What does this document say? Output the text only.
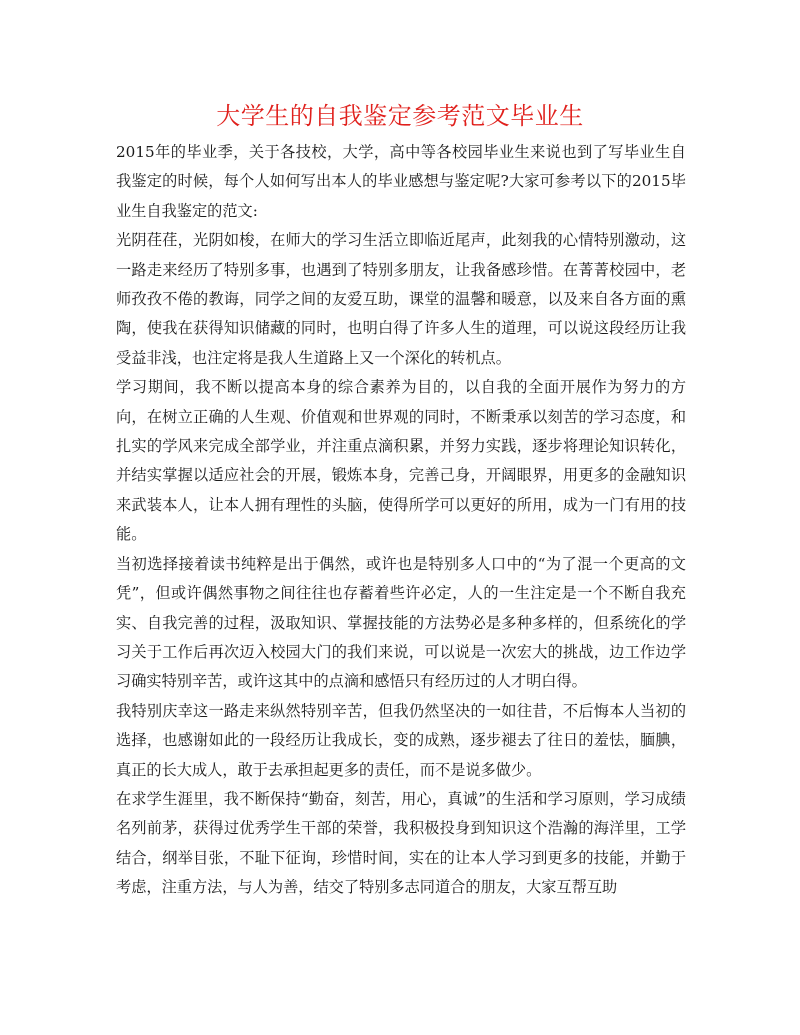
大学生的自我鉴定参考范文毕业生

2015年的毕业季，关于各技校，大学，高中等各校园毕业生来说也到了写毕业生自我鉴定的时候，每个人如何写出本人的毕业感想与鉴定呢?大家可参考以下的2015毕业生自我鉴定的范文:

光阴荏荏，光阴如梭，在师大的学习生活立即临近尾声，此刻我的心情特别激动，这一路走来经历了特别多事，也遇到了特别多朋友，让我备感珍惜。在菁菁校园中，老师孜孜不倦的教诲，同学之间的友爱互助，课堂的温馨和暖意，以及来自各方面的熏陶，使我在获得知识储藏的同时，也明白得了许多人生的道理，可以说这段经历让我受益非浅，也注定将是我人生道路上又一个深化的转机点。

学习期间，我不断以提高本身的综合素养为目的，以自我的全面开展作为努力的方向，在树立正确的人生观、价值观和世界观的同时，不断秉承以刻苦的学习态度，和扎实的学风来完成全部学业，并注重点滴积累，并努力实践，逐步将理论知识转化，并结实掌握以适应社会的开展，锻炼本身，完善己身，开阔眼界，用更多的金融知识来武装本人，让本人拥有理性的头脑，使得所学可以更好的所用，成为一门有用的技能。

当初选择接着读书纯粹是出于偶然，或许也是特别多人口中的“为了混一个更高的文凭”，但或许偶然事物之间往往也存蓄着些许必定，人的一生注定是一个不断自我充实、自我完善的过程，汲取知识、掌握技能的方法势必是多种多样的，但系统化的学习关于工作后再次迈入校园大门的我们来说，可以说是一次宏大的挑战，边工作边学习确实特别辛苦，或许这其中的点滴和感悟只有经历过的人才明白得。

我特别庆幸这一路走来纵然特别辛苦，但我仍然坚决的一如往昔，不后悔本人当初的选择，也感谢如此的一段经历让我成长，变的成熟，逐步褪去了往日的羞怯，腼腆，真正的长大成人，敢于去承担起更多的责任，而不是说多做少。

在求学生涯里，我不断保持“勤奋，刻苦，用心，真诚”的生活和学习原则，学习成绩名列前茅，获得过优秀学生干部的荣誉，我积极投身到知识这个浩瀚的海洋里，工学结合，纲举目张，不耻下征询，珍惜时间，实在的让本人学习到更多的技能，并勤于考虑，注重方法，与人为善，结交了特别多志同道合的朋友，大家互帮互助
